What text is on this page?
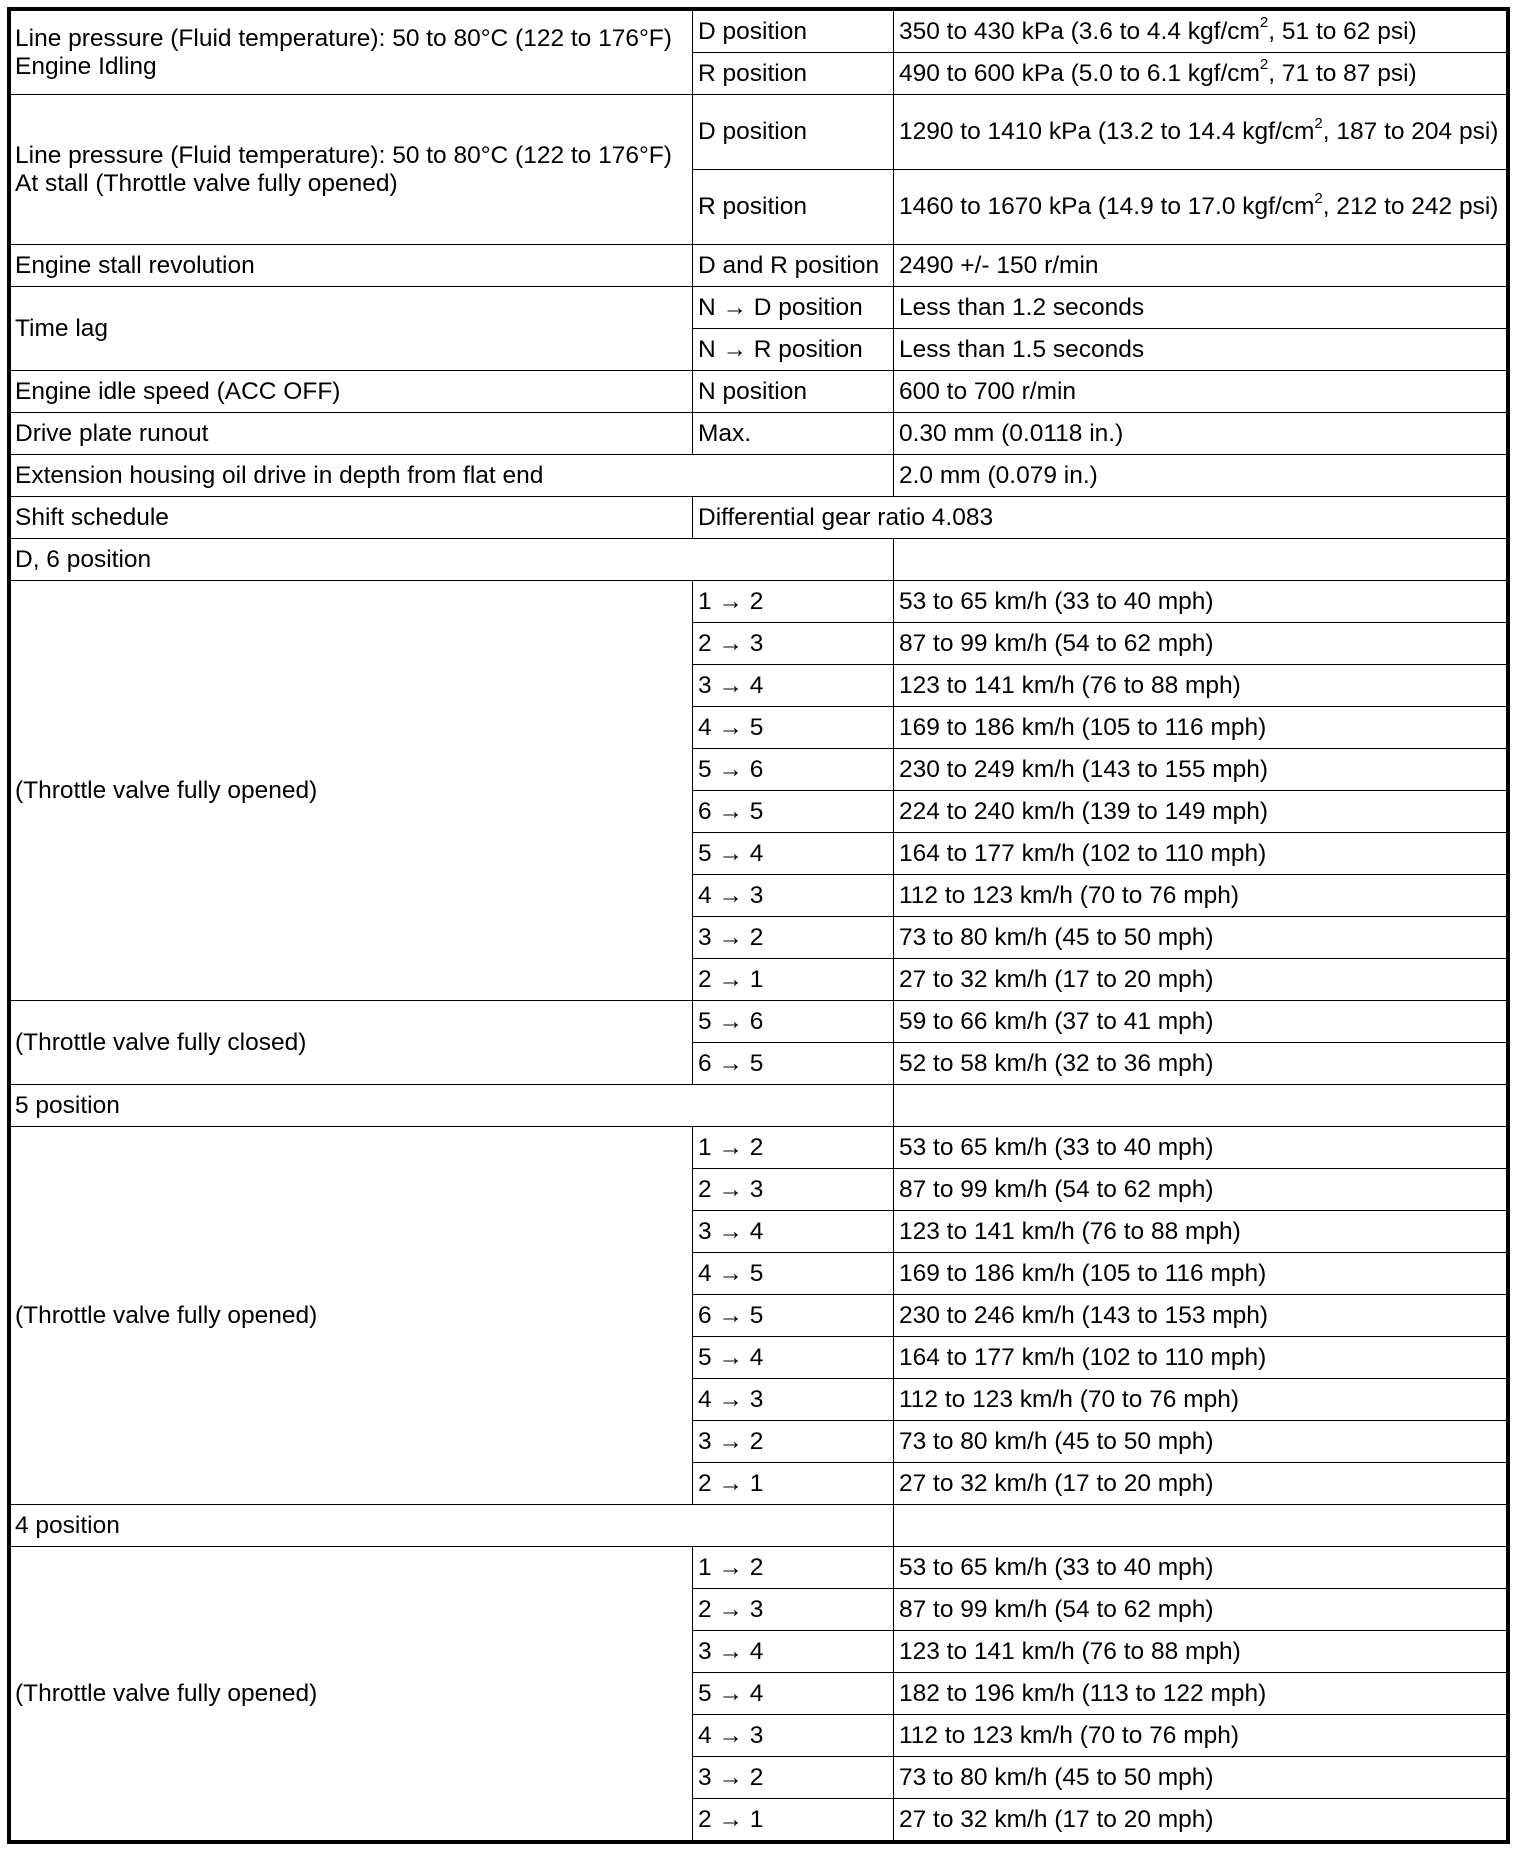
Line pressure (Fluid temperature): 50 to 80°C (122 to 176°F)
Engine Idling	D position	350 to 430 kPa (3.6 to 4.4 kgf/$cm^2$, 51 to 62 psi)
	R position	490 to 600 kPa (5.0 to 6.1 kgf/$cm^2$, 71 to 87 psi)

Line pressure (Fluid temperature): 50 to 80°C (122 to 176°F)
At stall (Throttle valve fully opened)	D position	1290 to 1410 kPa (13.2 to 14.4 kgf/$cm^2$, 187 to 204 psi)
	R position	1460 to 1670 kPa (14.9 to 17.0 kgf/$cm^2$, 212 to 242 psi)
Engine stall revolution	D and R position	2490 +/- 150 r/min
Time lag	N → D position	Less than 1.2 seconds
	N → R position	Less than 1.5 seconds
Engine idle speed (ACC OFF)	N position	600 to 700 r/min
Drive plate runout	Max.	0.30 mm (0.0118 in.)
Extension housing oil drive in depth from flat end		2.0 mm (0.079 in.)
Shift schedule	Differential gear ratio 4.083	
D, 6 position		
(Throttle valve fully opened)	1 → 2	53 to 65 km/h (33 to 40 mph)
	2 → 3	87 to 99 km/h (54 to 62 mph)
	3 → 4	123 to 141 km/h (76 to 88 mph)
	4 → 5	169 to 186 km/h (105 to 116 mph)
	5 → 6	230 to 249 km/h (143 to 155 mph)
	6 → 5	224 to 240 km/h (139 to 149 mph)
	5 → 4	164 to 177 km/h (102 to 110 mph)
	4 → 3	112 to 123 km/h (70 to 76 mph)
	3 → 2	73 to 80 km/h (45 to 50 mph)
	2 → 1	27 to 32 km/h (17 to 20 mph)
(Throttle valve fully closed)	5 → 6	59 to 66 km/h (37 to 41 mph)
	6 → 5	52 to 58 km/h (32 to 36 mph)
5 position		
(Throttle valve fully opened)	1 → 2	53 to 65 km/h (33 to 40 mph)
	2 → 3	87 to 99 km/h (54 to 62 mph)
	3 → 4	123 to 141 km/h (76 to 88 mph)
	4 → 5	169 to 186 km/h (105 to 116 mph)
	6 → 5	230 to 246 km/h (143 to 153 mph)
	5 → 4	164 to 177 km/h (102 to 110 mph)
	4 → 3	112 to 123 km/h (70 to 76 mph)
	3 → 2	73 to 80 km/h (45 to 50 mph)
	2 → 1	27 to 32 km/h (17 to 20 mph)
4 position		
(Throttle valve fully opened)	1 → 2	53 to 65 km/h (33 to 40 mph)
	2 → 3	87 to 99 km/h (54 to 62 mph)
	3 → 4	123 to 141 km/h (76 to 88 mph)
	5 → 4	182 to 196 km/h (113 to 122 mph)
	4 → 3	112 to 123 km/h (70 to 76 mph)
	3 → 2	73 to 80 km/h (45 to 50 mph)
	2 → 1	27 to 32 km/h (17 to 20 mph)
